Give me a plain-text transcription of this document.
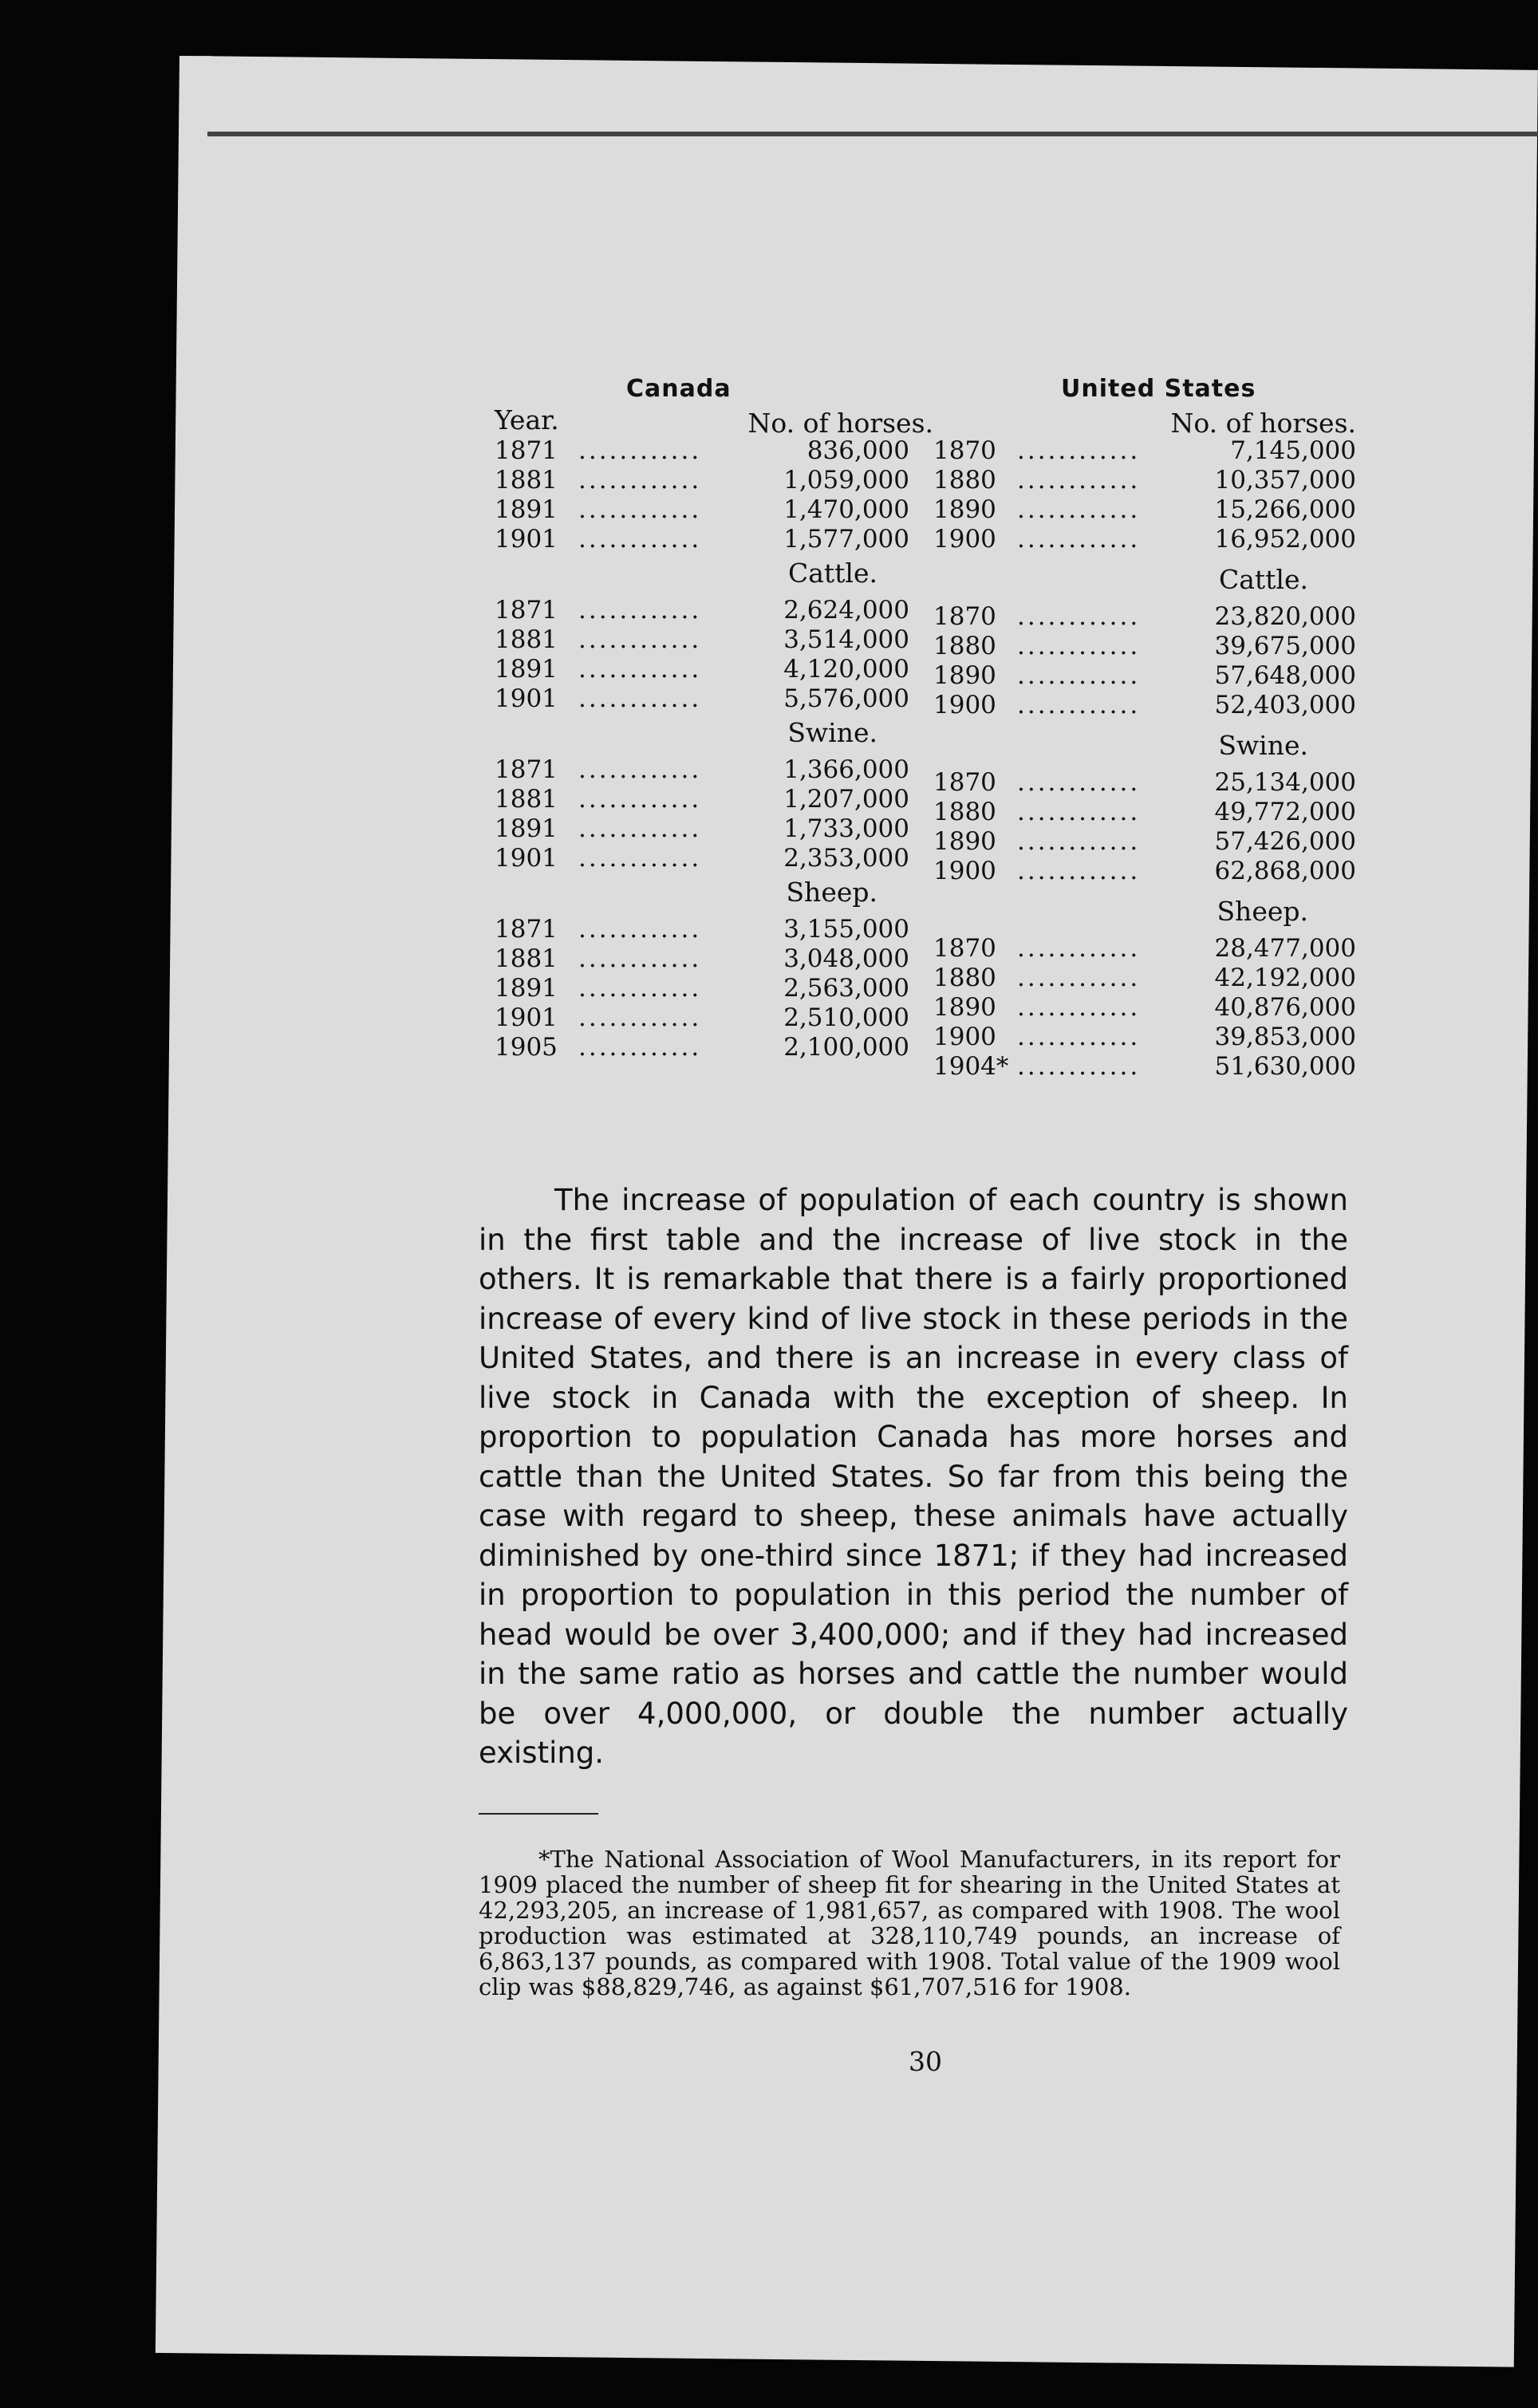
Canada
Year.	No. of horses.
1871 ............	836,000
1881 ............	1,059,000
1891 ............	1,470,000
1901 ............	1,577,000
Cattle.
1871 ............	2,624,000
1881 ............	3,514,000
1891 ............	4,120,000
1901 ............	5,576,000
Swine.
1871 ............	1,366,000
1881 ............	1,207,000
1891 ............	1,733,000
1901 ............	2,353,000
Sheep.
1871 ............	3,155,000
1881 ............	3,048,000
1891 ............	2,563,000
1901 ............	2,510,000
1905 ............	2,100,000
United States
No. of horses.
1870 ............	7,145,000
1880 ............	10,357,000
1890 ............	15,266,000
1900 ............	16,952,000
Cattle.
1870 ............	23,820,000
1880 ............	39,675,000
1890 ............	57,648,000
1900 ............	52,403,000
Swine.
1870 ............	25,134,000
1880 ............	49,772,000
1890 ............	57,426,000
1900 ............	62,868,000
Sheep.
1870 ............	28,477,000
1880 ............	42,192,000
1890 ............	40,876,000
1900 ............	39,853,000
1904* ............	51,630,000

The increase of population of each country is shown in the first table and the increase of live stock in the others. It is remarkable that there is a fairly proportioned increase of every kind of live stock in these periods in the United States, and there is an increase in every class of live stock in Canada with the exception of sheep. In proportion to population Canada has more horses and cattle than the United States. So far from this being the case with regard to sheep, these animals have actually diminished by one-third since 1871; if they had increased in proportion to population in this period the number of head would be over 3,400,000; and if they had increased in the same ratio as horses and cattle the number would be over 4,000,000, or double the number actually existing.

*The National Association of Wool Manufacturers, in its report for 1909 placed the number of sheep fit for shearing in the United States at 42,293,205, an increase of 1,981,657, as compared with 1908. The wool production was estimated at 328,110,749 pounds, an increase of 6,863,137 pounds, as compared with 1908. Total value of the 1909 wool clip was $88,829,746, as against $61,707,516 for 1908.

30
